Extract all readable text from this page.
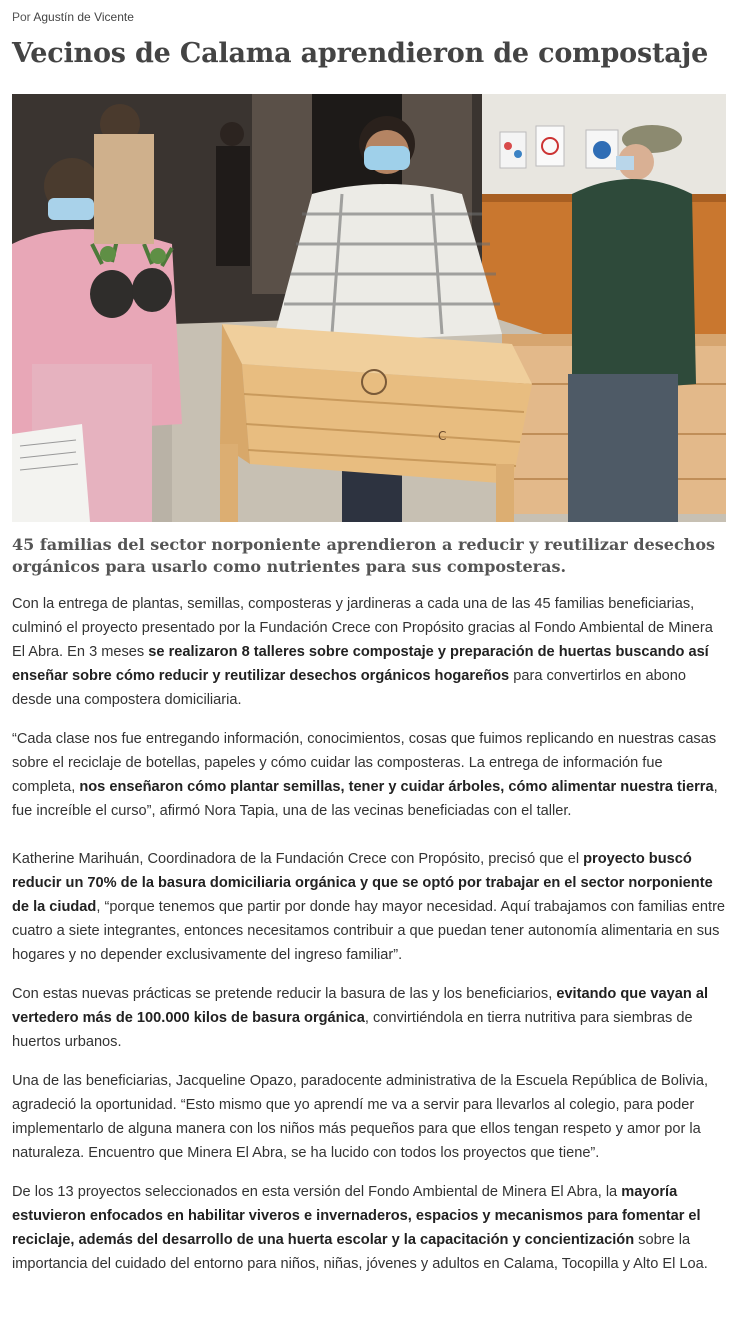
Por Agustín de Vicente
Vecinos de Calama aprendieron de compostaje
C

45 familias del sector norponiente aprendieron a reducir y reutilizar desechos orgánicos para usarlo como nutrientes para sus composteras.

Con la entrega de plantas, semillas, composteras y jardineras a cada una de las 45 familias beneficiarias, culminó el proyecto presentado por la Fundación Crece con Propósito gracias al Fondo Ambiental de Minera El Abra. En 3 meses se realizaron 8 talleres sobre compostaje y preparación de huertas buscando así enseñar sobre cómo reducir y reutilizar desechos orgánicos hogareños para convertirlos en abono desde una compostera domiciliaria.

“Cada clase nos fue entregando información, conocimientos, cosas que fuimos replicando en nuestras casas sobre el reciclaje de botellas, papeles y cómo cuidar las composteras. La entrega de información fue completa, nos enseñaron cómo plantar semillas, tener y cuidar árboles, cómo alimentar nuestra tierra, fue increíble el curso”, afirmó Nora Tapia, una de las vecinas beneficiadas con el taller.

Katherine Marihuán, Coordinadora de la Fundación Crece con Propósito, precisó que el proyecto buscó reducir un 70% de la basura domiciliaria orgánica y que se optó por trabajar en el sector norponiente de la ciudad, “porque tenemos que partir por donde hay mayor necesidad. Aquí trabajamos con familias entre cuatro a siete integrantes, entonces necesitamos contribuir a que puedan tener autonomía alimentaria en sus hogares y no depender exclusivamente del ingreso familiar”.

Con estas nuevas prácticas se pretende reducir la basura de las y los beneficiarios, evitando que vayan al vertedero más de 100.000 kilos de basura orgánica, convirtiéndola en tierra nutritiva para siembras de huertos urbanos.

Una de las beneficiarias, Jacqueline Opazo, paradocente administrativa de la Escuela República de Bolivia, agradeció la oportunidad. “Esto mismo que yo aprendí me va a servir para llevarlos al colegio, para poder implementarlo de alguna manera con los niños más pequeños para que ellos tengan respeto y amor por la naturaleza. Encuentro que Minera El Abra, se ha lucido con todos los proyectos que tiene”.

De los 13 proyectos seleccionados en esta versión del Fondo Ambiental de Minera El Abra, la mayoría estuvieron enfocados en habilitar viveros e invernaderos, espacios y mecanismos para fomentar el reciclaje, además del desarrollo de una huerta escolar y la capacitación y concientización sobre la importancia del cuidado del entorno para niños, niñas, jóvenes y adultos en Calama, Tocopilla y Alto El Loa.
